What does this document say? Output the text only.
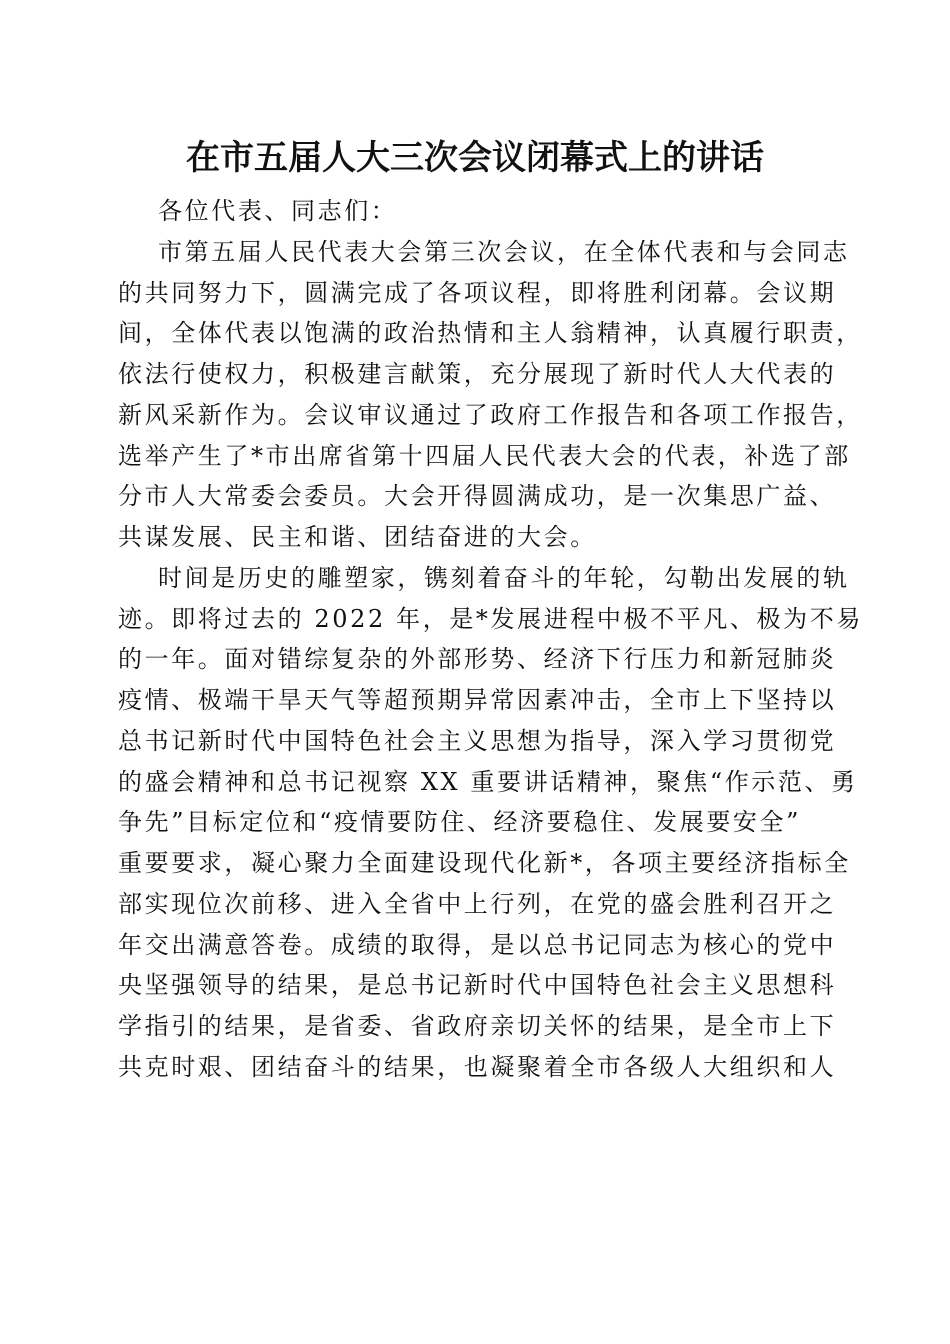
在市五届人大三次会议闭幕式上的讲话
各位代表、同志们：
市第五届人民代表大会第三次会议，在全体代表和与会同志
的共同努力下，圆满完成了各项议程，即将胜利闭幕。会议期
间，全体代表以饱满的政治热情和主人翁精神，认真履行职责，
依法行使权力，积极建言献策，充分展现了新时代人大代表的
新风采新作为。会议审议通过了政府工作报告和各项工作报告，
选举产生了*市出席省第十四届人民代表大会的代表，补选了部
分市人大常委会委员。大会开得圆满成功，是一次集思广益、
共谋发展、民主和谐、团结奋进的大会。
时间是历史的雕塑家，镌刻着奋斗的年轮，勾勒出发展的轨
迹。即将过去的 2022 年，是*发展进程中极不平凡、极为不易
的一年。面对错综复杂的外部形势、经济下行压力和新冠肺炎
疫情、极端干旱天气等超预期异常因素冲击，全市上下坚持以
总书记新时代中国特色社会主义思想为指导，深入学习贯彻党
的盛会精神和总书记视察 XX 重要讲话精神，聚焦“作示范、勇
争先”目标定位和“疫情要防住、经济要稳住、发展要安全”
重要要求，凝心聚力全面建设现代化新*，各项主要经济指标全
部实现位次前移、进入全省中上行列，在党的盛会胜利召开之
年交出满意答卷。成绩的取得，是以总书记同志为核心的党中
央坚强领导的结果，是总书记新时代中国特色社会主义思想科
学指引的结果，是省委、省政府亲切关怀的结果，是全市上下
共克时艰、团结奋斗的结果，也凝聚着全市各级人大组织和人
